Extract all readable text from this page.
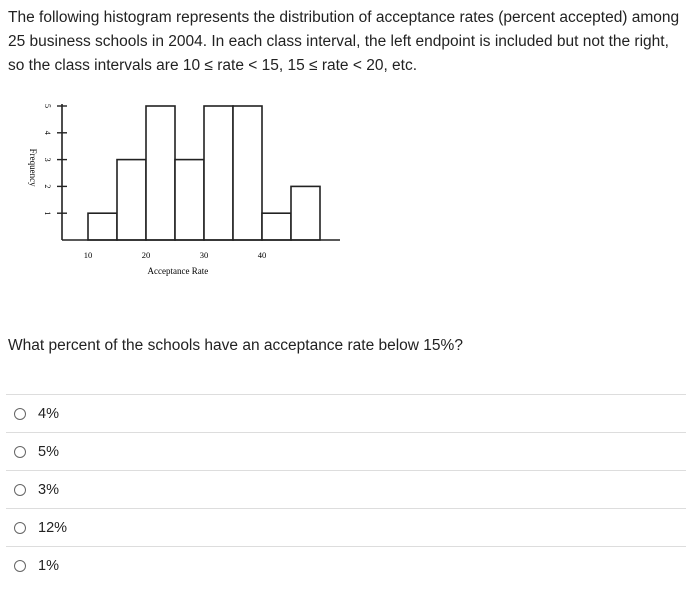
The following histogram represents the distribution of acceptance rates (percent accepted) among 25 business schools in 2004. In each class interval, the left endpoint is included but not the right, so the class intervals are 10 ≤ rate < 15, 15 ≤ rate < 20, etc.

1
2
3
4
5
10	20	30	40
Acceptance Rate
Frequency

What percent of the schools have an acceptance rate below 15%?

4%
5%
3%
12%
1%
